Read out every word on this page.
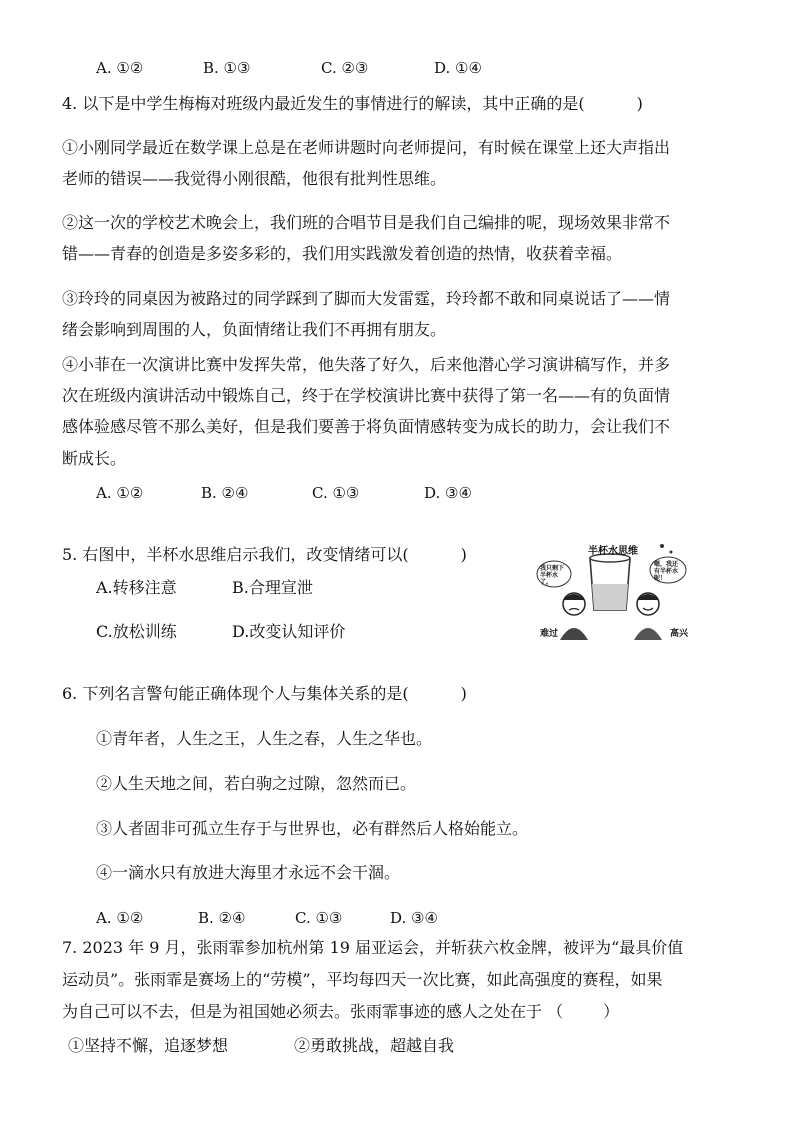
A. ①②	B. ①③	C. ②③	D. ①④
4. 以下是中学生梅梅对班级内最近发生的事情进行的解读，其中正确的是(	)
①小刚同学最近在数学课上总是在老师讲题时向老师提问，有时候在课堂上还大声指出
老师的错误——我觉得小刚很酷，他很有批判性思维。
②这一次的学校艺术晚会上，我们班的合唱节目是我们自己编排的呢，现场效果非常不
错——青春的创造是多姿多彩的，我们用实践激发着创造的热情，收获着幸福。
③玲玲的同桌因为被路过的同学踩到了脚而大发雷霆，玲玲都不敢和同桌说话了——情
绪会影响到周围的人，负面情绪让我们不再拥有朋友。
④小菲在一次演讲比赛中发挥失常，他失落了好久，后来他潜心学习演讲稿写作，并多
次在班级内演讲活动中锻炼自己，终于在学校演讲比赛中获得了第一名——有的负面情
感体验感尽管不那么美好，但是我们要善于将负面情感转变为成长的助力，会让我们不
断成长。
A. ①②	B. ②④	C. ①③	D. ③④
5. 右图中，半杯水思维启示我们，改变情绪可以(	)
A.转移注意	B.合理宣泄
C.放松训练	D.改变认知评价
半杯水思维
我只剩下半杯水了。
嗯，我还有半杯水呢！
难过	高兴
6. 下列名言警句能正确体现个人与集体关系的是(	)
①青年者，人生之王，人生之春，人生之华也。
②人生天地之间，若白驹之过隙，忽然而已。
③人者固非可孤立生存于与世界也，必有群然后人格始能立。
④一滴水只有放进大海里才永远不会干涸。
A. ①②	B. ②④	C. ①③	D. ③④
7. 2023 年 9 月，张雨霏参加杭州第 19 届亚运会，并斩获六枚金牌，被评为“最具价值
运动员”。张雨霏是赛场上的“劳模”，平均每四天一次比赛，如此高强度的赛程，如果
为自己可以不去，但是为祖国她必须去。张雨霏事迹的感人之处在于 （	）
①坚持不懈，追逐梦想	②勇敢挑战，超越自我
